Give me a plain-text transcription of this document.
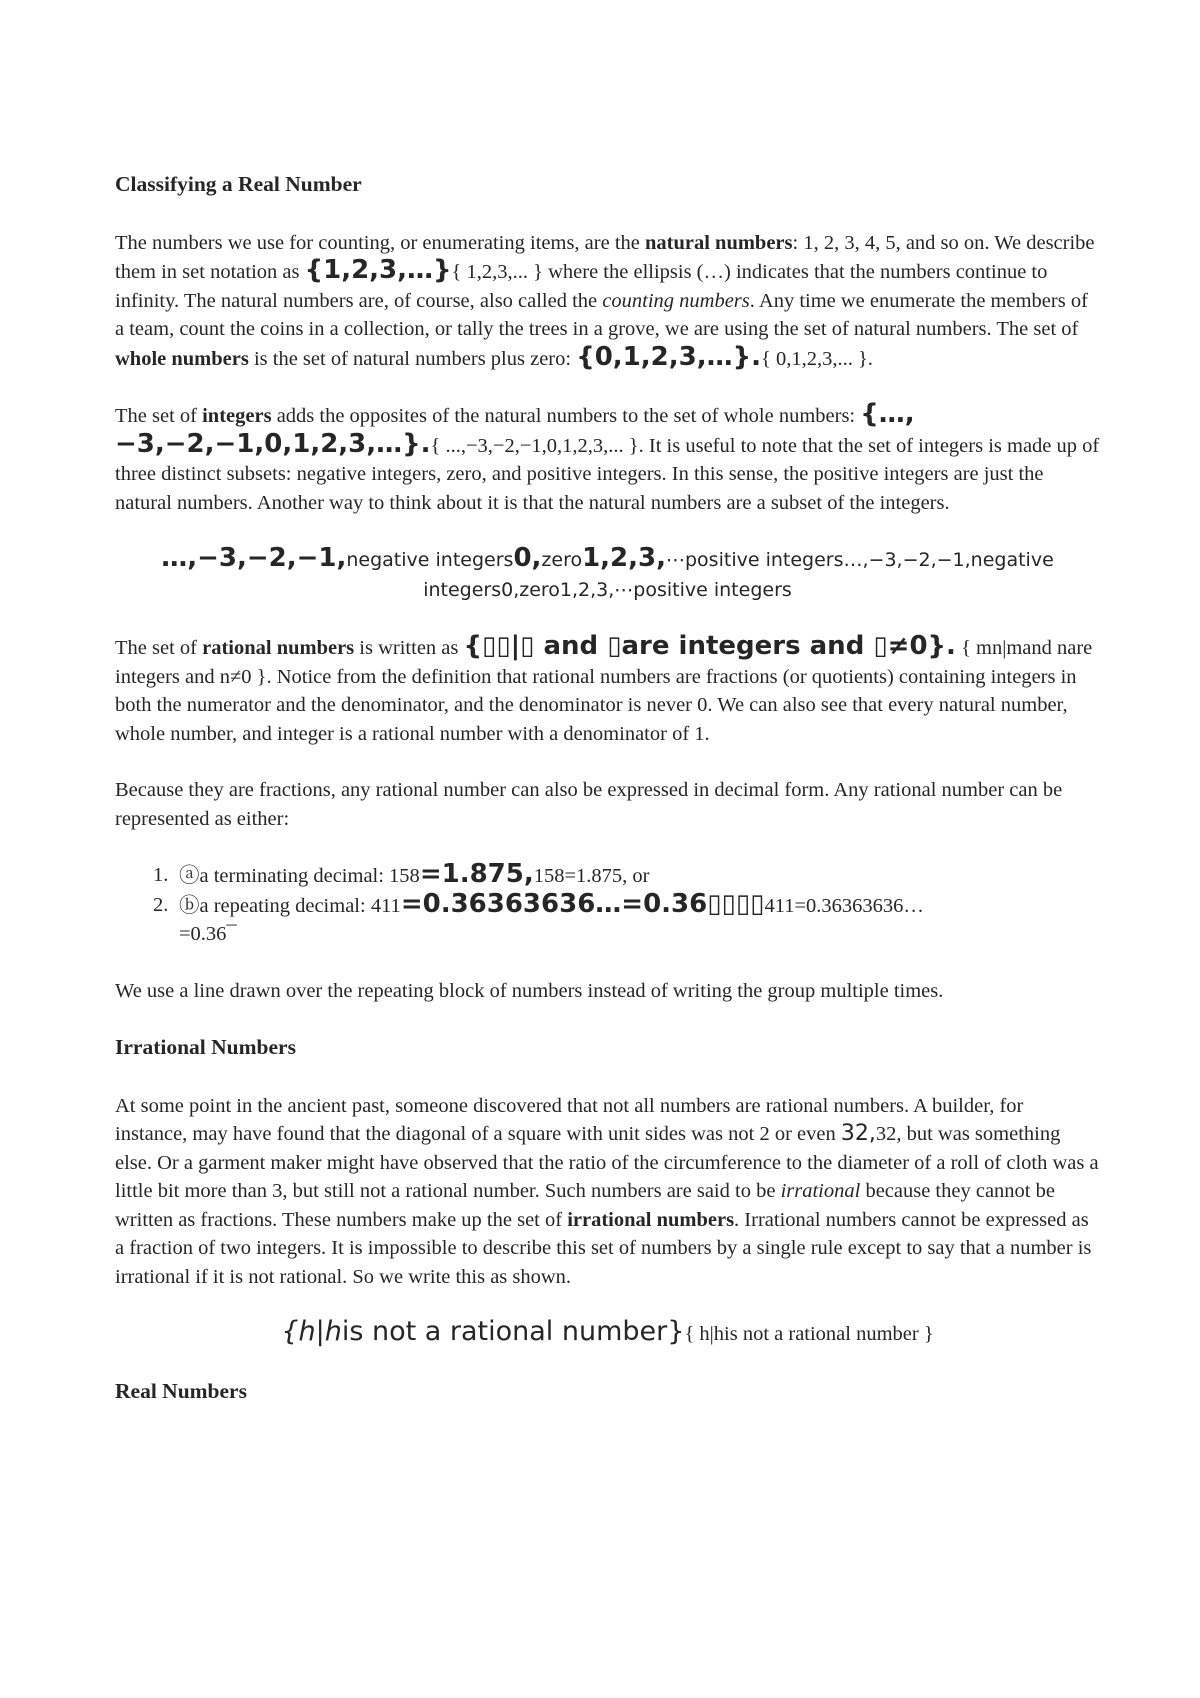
Classifying a Real Number

The numbers we use for counting, or enumerating items, are the natural numbers: 1, 2, 3, 4, 5, and so on. We describe them in set notation as {1,2,3,…}{ 1,2,3,... } where the ellipsis (…) indicates that the numbers continue to infinity. The natural numbers are, of course, also called the counting numbers. Any time we enumerate the members of a team, count the coins in a collection, or tally the trees in a grove, we are using the set of natural numbers. The set of whole numbers is the set of natural numbers plus zero: {0,1,2,3,…}.{ 0,1,2,3,... }.

The set of integers adds the opposites of the natural numbers to the set of whole numbers: {…,−3,−2,−1,0,1,2,3,…}.{ ...,−3,−2,−1,0,1,2,3,... }. It is useful to note that the set of integers is made up of three distinct subsets: negative integers, zero, and positive integers. In this sense, the positive integers are just the natural numbers. Another way to think about it is that the natural numbers are a subset of the integers.

…,−3,−2,−1,negative integers0,zero1,2,3,⋯positive integers…,−3,−2,−1,negative integers0,zero1,2,3,⋯positive integers

The set of rational numbers is written as {▯▯|▯ and ▯are integers and ▯≠0}. { mn|mand nare integers and n≠0 }. Notice from the definition that rational numbers are fractions (or quotients) containing integers in both the numerator and the denominator, and the denominator is never 0. We can also see that every natural number, whole number, and integer is a rational number with a denominator of 1.

Because they are fractions, any rational number can also be expressed in decimal form. Any rational number can be represented as either:

1. ⓐa terminating decimal: 158=1.875,158=1.875, or
2. ⓑa repeating decimal: 411=0.36363636…=0.36▯▯▯▯411=0.36363636…
=0.36¯

We use a line drawn over the repeating block of numbers instead of writing the group multiple times.

Irrational Numbers

At some point in the ancient past, someone discovered that not all numbers are rational numbers. A builder, for instance, may have found that the diagonal of a square with unit sides was not 2 or even 32,32, but was something else. Or a garment maker might have observed that the ratio of the circumference to the diameter of a roll of cloth was a little bit more than 3, but still not a rational number. Such numbers are said to be irrational because they cannot be written as fractions. These numbers make up the set of irrational numbers. Irrational numbers cannot be expressed as a fraction of two integers. It is impossible to describe this set of numbers by a single rule except to say that a number is irrational if it is not rational. So we write this as shown.

{h|his not a rational number}{ h|his not a rational number }

Real Numbers
